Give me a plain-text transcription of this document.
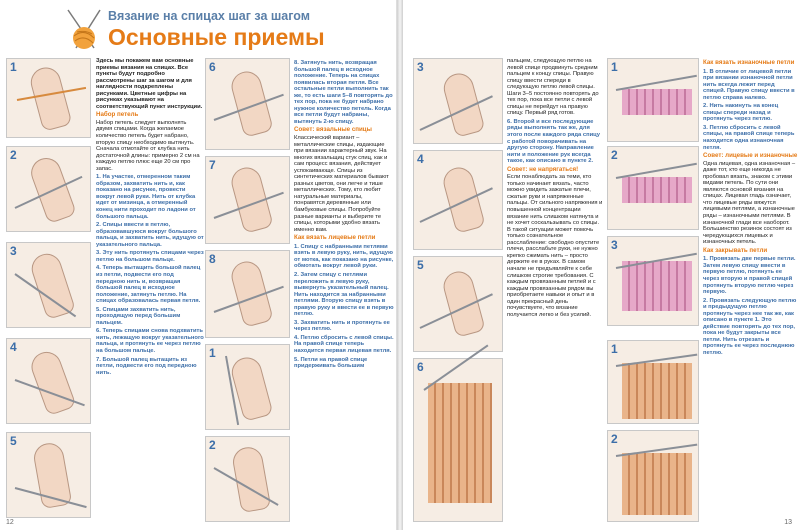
Вязание на спицах шаг за шагом
Основные приемы
1
2
3
4
5
Здесь мы покажем вам основные приемы вязания на спицах. Все пункты будут подробно рассмотрены шаг за шагом и для наглядности подкреплены рисунками. Цветные цифры на рисунках указывают на соответствующий пункт инструкции.
Набор петель
Набор петель следует выполнять двумя спицами. Когда желаемое количество петель будет набрано, вторую спицу необходимо вытянуть. Сначала отмотайте от клубка нить достаточной длины: примерно 2 см на каждую петлю плюс еще 20 см про запас.
1. На участке, отмеренном таким образом, захватить нить и, как показано на рисунке, провести вокруг левой руки. Нить от клубка идет от мизинца, а отмеренный конец нити проходит по ладони от большого пальца.
2. Спицы ввести в петлю, образовавшуюся вокруг большого пальца, и захватить нить, идущую от указательного пальца.
3. Эту нить протянуть спицами через петлю на большом пальце.
4. Теперь вытащить большой палец из петли, подвести его под передною нить и, возвращая большой палец в исходное положение, затянуть петлю. На спицах образовалась первая петля.
5. Спицами захватить нить, проходящую перед большим пальцем.
6. Теперь спицами снова подхватить нить, лежащую вокруг указательного пальца, и протянуть ее через петлю на большом пальце.
7. Большой палец вытащить из петли, подвести его под передною нить.
6
7
8
1
2
8. Затянуть нить, возвращая большой палец в исходное положение. Теперь на спицах появилась вторая петля. Все остальные петли выполнить так же, то есть шаги 5–8 повторять до тех пор, пока не будет набрано нужное количество петель. Когда все петли будут набраны, вытянуть 2-ю спицу.
Совет: вязальные спицы
Классический вариант – металлические спицы, издающие при вязании характерный звук. На многих вязальщиц стук спиц, как и сам процесс вязания, действует успокаивающе. Спицы из синтетических материалов бывают разных цветов, они легче и тише металлических. Тому, кто любит натуральные материалы, понравятся деревянные или бамбуковые спицы. Попробуйте разные варианты и выберите те спицы, которыми удобно вязать именно вам.
Как вязать лицевые петли
1. Спицу с набранными петлями взять в левую руку, нить, идущую от мотка, как показано на рисунке, обмотать вокруг левой руки.
2. Затем спицу с петлями переложить в левую руку, вывернуть указательный палец. Нить находится за набранными петлями. Вторую спицу взять в правую руку и ввести ее в первую петлю.
3. Захватить нить и протянуть ее через петлю.
4. Петлю сбросить с левой спицы. На правой спице теперь находится первая лицевая петля.
5. Петли на правой спице придерживать большим
12
3
4
5
6
пальцем, следующую петлю на левой спице продвинуть средним пальцем к концу спицы. Правую спицу ввести спереди в следующую петлю левой спицы. Шаги 3–5 постоянно повторять до тех пор, пока все петли с левой спицы не перейдут на правую спицу. Первый ряд готов.
6. Второй и все последующие ряды выполнять так же, для этого после каждого ряда спицу с работой поворачивать на другую сторону. Направление нити и положение рук всегда такое, как описано в пункте 2.
Совет: не напрягаться!
Если понаблюдать за теми, кто только начинает вязать, часто можно увидеть зажатые плечи, сжатые руки и напряженные пальцы. От сильного напряжения и повышенной концентрации вязание нить слишком натянута и не хочет соскальзывать со спицы. В такой ситуации может помочь только сознательное расслабление: свободно опустите плечи, расслабьте руки, не нужно крепко сжимать нить – просто держите ее в руках. В самом начале не предъявляйте к себе слишком строгие требования. С каждым провязанным петлей и с каждым провязанным рядом вы приобретаете навыки и опыт и в один прекрасный день почувствуете, что вязание получается легко и без усилий.
1
2
3
1
2
Как вязать изнаночные петли
1. В отличие от лицевой петли при вязании изнаночной петли нить всегда лежит перед спицей. Правую спицу ввести в петлю справа налево.
2. Нить накинуть на конец спицы спереди назад и протянуть через петлю.
3. Петлю сбросить с левой спицы, на правой спице теперь находится одна изнаночная петля.
Совет: лицевые и изнаночные
Одна лицевая, одна изнаночная – даже тот, кто еще никогда не пробовал вязать, знаком с этими видами петель. По сути они являются основой вязания на спицах. Лицевая гладь означает, что лицевые ряды вяжутся лицевыми петлями, а изнаночные ряды – изнаночными петлями. В изнаночной глади все наоборот. Большинство резинок состоят из чередующихся лицевых и изнаночных петель.
Как закрывать петли
1. Провязать две первые петли. Затем левую спицу ввести в первую петлю, потянуть ее через вторую и правой спицей протянуть вторую петлю через первую.
2. Провязать следующую петлю и предыдущую петлю протянуть через нее так же, как описано в пункте 1. Это действие повторять до тех пор, пока не будут закрыты все петли. Нить отрезать и протянуть ее через последнюю петлю.
13
